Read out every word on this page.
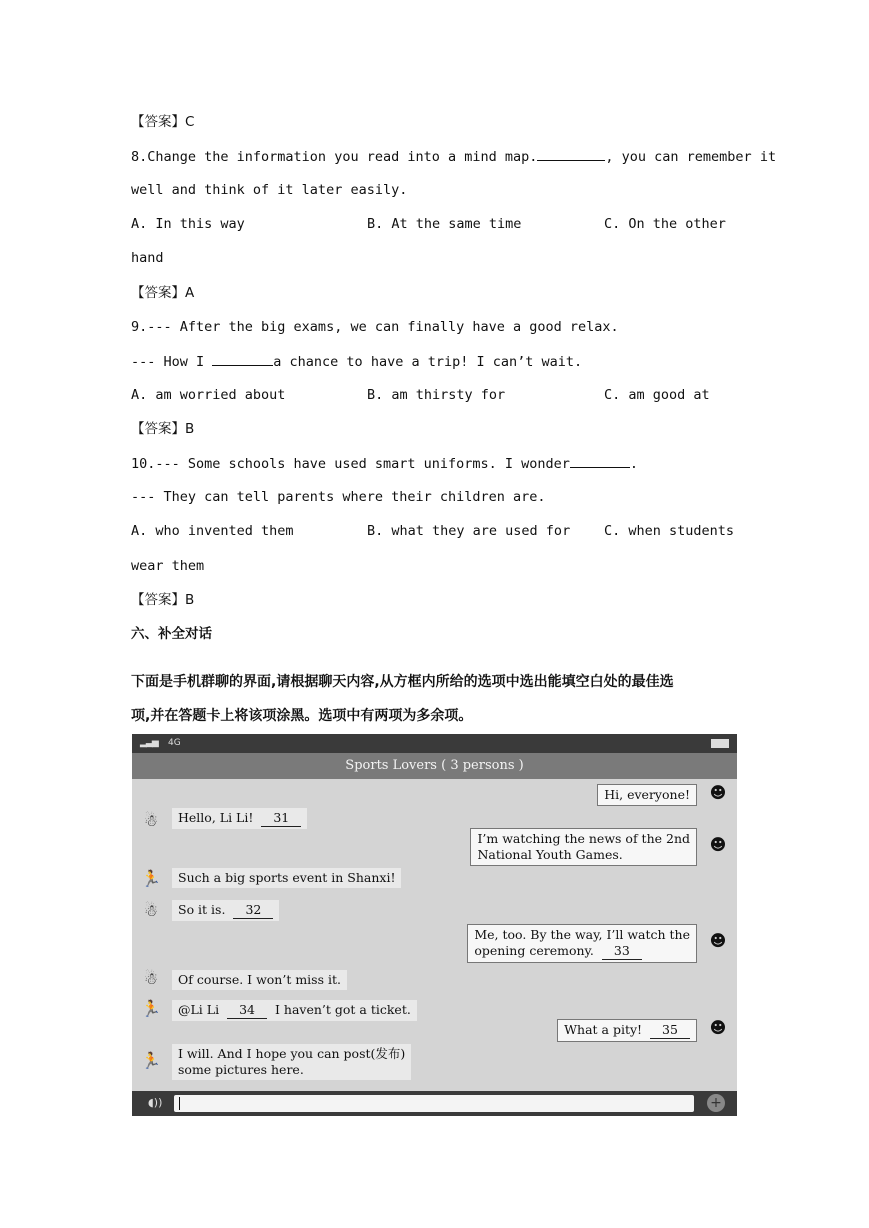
【答案】C
8.Change the information you read into a mind map.	, you can remember it
well and think of it later easily.
A. In this way	B. At the same time	C. On the other
hand
【答案】A
9.--- After the big exams, we can finally have a good relax.
--- How I	a chance to have a trip! I can’t wait.
A. am worried about	B. am thirsty for	C. am good at
【答案】B
10.--- Some schools have used smart uniforms. I wonder	.
--- They can tell parents where their children are.
A. who invented them	B. what they are used for	C. when students
wear them
【答案】B
六、补全对话
下面是手机群聊的界面,请根据聊天内容,从方框内所给的选项中选出能填空白处的最佳选
项,并在答题卡上将该项涂黑。选项中有两项为多余项。
▂▃▅ 4G
Sports Lovers ( 3 persons )
Hi, everyone!	☻
☃	Hello, Li Li!  31
I’m watching the news of the 2nd
National Youth Games.
☻
🏃	Such a big sports event in Shanxi!
☃	So it is.  32
Me, too. By the way, I’ll watch the
opening ceremony.  33
☻
☃	Of course. I won’t miss it.
🏃	@Li Li  34  I haven’t got a ticket.
What a pity!  35	☻
🏃	I will. And I hope you can post(发布)
some pictures here.
◖))	+
